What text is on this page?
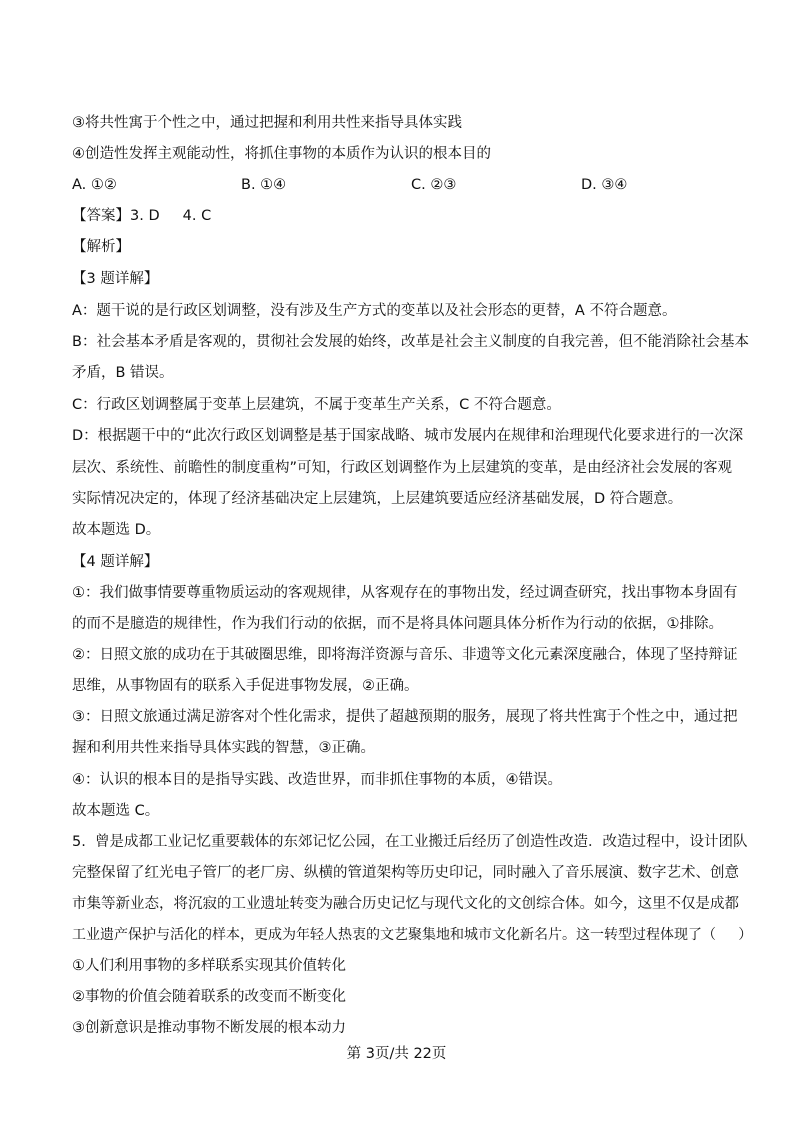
③将共性寓于个性之中，通过把握和利用共性来指导具体实践
④创造性发挥主观能动性，将抓住事物的本质作为认识的根本目的
A. ①②	B. ①④	C. ②③	D. ③④
【答案】3. D     4. C
【解析】
【3 题详解】
A：题干说的是行政区划调整，没有涉及生产方式的变革以及社会形态的更替，A 不符合题意。
B：社会基本矛盾是客观的，贯彻社会发展的始终，改革是社会主义制度的自我完善，但不能消除社会基本
矛盾，B 错误。
C：行政区划调整属于变革上层建筑，不属于变革生产关系，C 不符合题意。
D：根据题干中的“此次行政区划调整是基于国家战略、城市发展内在规律和治理现代化要求进行的一次深
层次、系统性、前瞻性的制度重构”可知，行政区划调整作为上层建筑的变革，是由经济社会发展的客观
实际情况决定的，体现了经济基础决定上层建筑，上层建筑要适应经济基础发展，D 符合题意。
故本题选 D。
【4 题详解】
①：我们做事情要尊重物质运动的客观规律，从客观存在的事物出发，经过调查研究，找出事物本身固有
的而不是臆造的规律性，作为我们行动的依据，而不是将具体问题具体分析作为行动的依据，①排除。
②：日照文旅的成功在于其破圈思维，即将海洋资源与音乐、非遗等文化元素深度融合，体现了坚持辩证
思维，从事物固有的联系入手促进事物发展，②正确。
③：日照文旅通过满足游客对个性化需求，提供了超越预期的服务，展现了将共性寓于个性之中，通过把
握和利用共性来指导具体实践的智慧，③正确。
④：认识的根本目的是指导实践、改造世界，而非抓住事物的本质，④错误。
故本题选 C。
5.  曾是成都工业记忆重要载体的东郊记忆公园，在工业搬迁后经历了创造性改造．改造过程中，设计团队
完整保留了红光电子管厂的老厂房、纵横的管道架构等历史印记，同时融入了音乐展演、数字艺术、创意
市集等新业态，将沉寂的工业遗址转变为融合历史记忆与现代文化的文创综合体。如今，这里不仅是成都
工业遗产保护与活化的样本，更成为年轻人热衷的文艺聚集地和城市文化新名片。这一转型过程体现了（     ）
①人们利用事物的多样联系实现其价值转化
②事物的价值会随着联系的改变而不断变化
③创新意识是推动事物不断发展的根本动力
第 3页/共 22页
